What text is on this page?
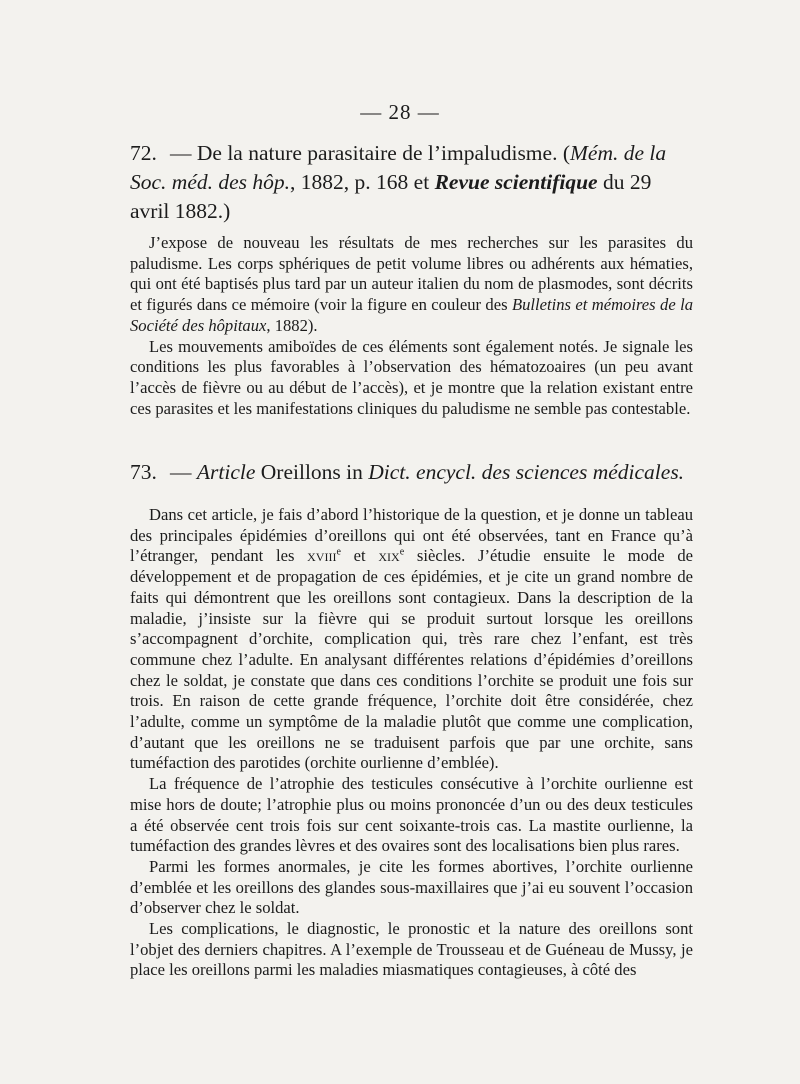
— 28 —
72. — De la nature parasitaire de l’impaludisme. (Mém. de la Soc. méd. des hôp., 1882, p. 168 et Revue scientifique du 29 avril 1882.)

J’expose de nouveau les résultats de mes recherches sur les parasites du paludisme. Les corps sphériques de petit volume libres ou adhérents aux hématies, qui ont été baptisés plus tard par un auteur italien du nom de plasmodes, sont décrits et figurés dans ce mémoire (voir la figure en couleur des Bulletins et mémoires de la Société des hôpitaux, 1882).

Les mouvements amiboïdes de ces éléments sont également notés. Je signale les conditions les plus favorables à l’observation des hématozoaires (un peu avant l’accès de fièvre ou au début de l’accès), et je montre que la relation existant entre ces parasites et les manifestations cliniques du paludisme ne semble pas contestable.

73. — Article Oreillons in Dict. encycl. des sciences médicales.

Dans cet article, je fais d’abord l’historique de la question, et je donne un tableau des principales épidémies d’oreillons qui ont été observées, tant en France qu’à l’étranger, pendant les xviii$^e$ et xix$^e$ siècles. J’étudie ensuite le mode de développement et de propagation de ces épidémies, et je cite un grand nombre de faits qui démontrent que les oreillons sont contagieux. Dans la description de la maladie, j’insiste sur la fièvre qui se produit surtout lorsque les oreillons s’accompagnent d’orchite, complication qui, très rare chez l’enfant, est très commune chez l’adulte. En analysant différentes relations d’épidémies d’oreillons chez le soldat, je constate que dans ces conditions l’orchite se produit une fois sur trois. En raison de cette grande fréquence, l’orchite doit être considérée, chez l’adulte, comme un symptôme de la maladie plutôt que comme une complication, d’autant que les oreillons ne se traduisent parfois que par une orchite, sans tuméfaction des parotides (orchite ourlienne d’emblée).

La fréquence de l’atrophie des testicules consécutive à l’orchite ourlienne est mise hors de doute; l’atrophie plus ou moins prononcée d’un ou des deux testicules a été observée cent trois fois sur cent soixante-trois cas. La mastite ourlienne, la tuméfaction des grandes lèvres et des ovaires sont des localisations bien plus rares.

Parmi les formes anormales, je cite les formes abortives, l’orchite ourlienne d’emblée et les oreillons des glandes sous-maxillaires que j’ai eu souvent l’occasion d’observer chez le soldat.

Les complications, le diagnostic, le pronostic et la nature des oreillons sont l’objet des derniers chapitres. A l’exemple de Trousseau et de Guéneau de Mussy, je place les oreillons parmi les maladies miasmatiques contagieuses, à côté des
